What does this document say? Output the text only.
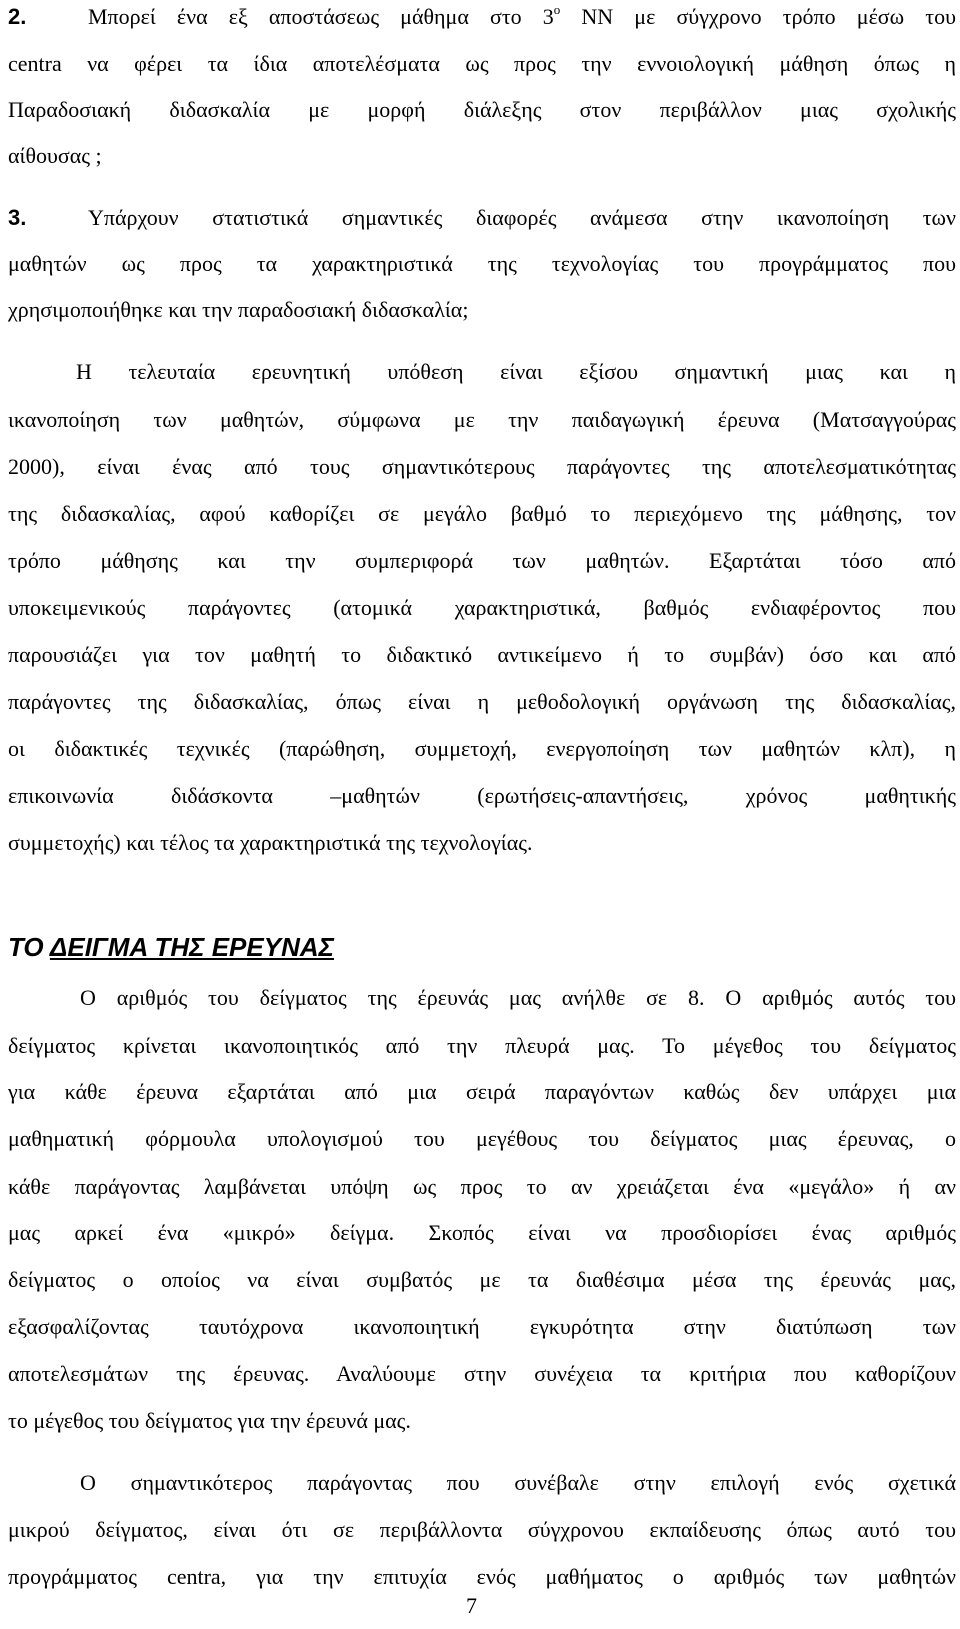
2.	Μπορεί ένα εξ αποστάσεως μάθημα στο $3^o$ ΝΝ με σύγχρονο τρόπο μέσω του
centra να φέρει τα ίδια αποτελέσματα ως προς την εννοιολογική μάθηση όπως η
Παραδοσιακή διδασκαλία με μορφή διάλεξης στον περιβάλλον μιας σχολικής
αίθουσας ;
3.	Υπάρχουν στατιστικά σημαντικές διαφορές ανάμεσα στην ικανοποίηση των
μαθητών ως προς τα χαρακτηριστικά της τεχνολογίας του προγράμματος που
χρησιμοποιήθηκε και την παραδοσιακή διδασκαλία;
Η τελευταία ερευνητική υπόθεση είναι εξίσου σημαντική μιας και η
ικανοποίηση των μαθητών, σύμφωνα με την παιδαγωγική έρευνα (Ματσαγγούρας
2000), είναι ένας από τους σημαντικότερους παράγοντες της αποτελεσματικότητας
της διδασκαλίας, αφού καθορίζει σε μεγάλο βαθμό το περιεχόμενο της μάθησης, τον
τρόπο μάθησης και την συμπεριφορά των μαθητών. Εξαρτάται τόσο από
υποκειμενικούς παράγοντες (ατομικά χαρακτηριστικά, βαθμός ενδιαφέροντος που
παρουσιάζει για τον μαθητή το διδακτικό αντικείμενο ή το συμβάν) όσο και από
παράγοντες της διδασκαλίας, όπως είναι η μεθοδολογική οργάνωση της διδασκαλίας,
οι διδακτικές τεχνικές (παρώθηση, συμμετοχή, ενεργοποίηση των μαθητών κλπ), η
επικοινωνία διδάσκοντα –μαθητών (ερωτήσεις-απαντήσεις, χρόνος μαθητικής
συμμετοχής) και τέλος τα χαρακτηριστικά της τεχνολογίας.
ΤΟ ΔΕΙΓΜΑ ΤΗΣ ΕΡΕΥΝΑΣ
Ο αριθμός του δείγματος της έρευνάς μας ανήλθε σε 8. Ο αριθμός αυτός του
δείγματος κρίνεται ικανοποιητικός από την πλευρά μας. Το μέγεθος του δείγματος
για κάθε έρευνα εξαρτάται από μια σειρά παραγόντων καθώς δεν υπάρχει μια
μαθηματική φόρμουλα υπολογισμού του μεγέθους του δείγματος μιας έρευνας, ο
κάθε παράγοντας λαμβάνεται υπόψη ως προς το αν χρειάζεται ένα «μεγάλο» ή αν
μας αρκεί ένα «μικρό» δείγμα. Σκοπός είναι να προσδιορίσει ένας αριθμός
δείγματος ο οποίος να είναι συμβατός με τα διαθέσιμα μέσα της έρευνάς μας,
εξασφαλίζοντας ταυτόχρονα ικανοποιητική εγκυρότητα στην διατύπωση των
αποτελεσμάτων της έρευνας. Αναλύουμε στην συνέχεια τα κριτήρια που καθορίζουν
το μέγεθος του δείγματος για την έρευνά μας.
Ο σημαντικότερος παράγοντας που συνέβαλε στην επιλογή ενός σχετικά
μικρού δείγματος, είναι ότι σε περιβάλλοντα σύγχρονου εκπαίδευσης όπως αυτό του
προγράμματος centra, για την επιτυχία ενός μαθήματος ο αριθμός των μαθητών
7
